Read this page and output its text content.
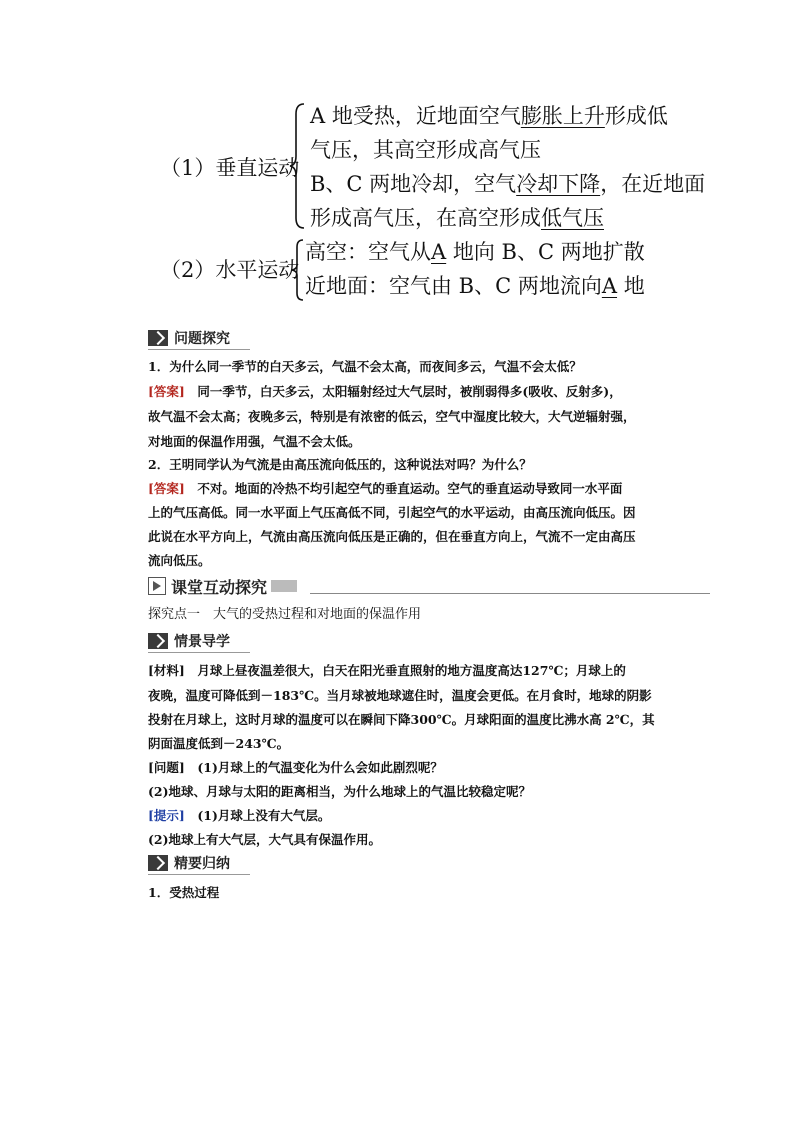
（1）垂直运动
A 地受热，近地面空气膨胀上升形成低
气压，其高空形成高气压
B、C 两地冷却，空气冷却下降，在近地面
形成高气压，在高空形成低气压
（2）水平运动
高空：空气从A 地向 B、C 两地扩散
近地面：空气由 B、C 两地流向A 地
问题探究
1．为什么同一季节的白天多云，气温不会太高，而夜间多云，气温不会太低？
[答案]　 同一季节，白天多云，太阳辐射经过大气层时，被削弱得多(吸收、反射多)，
故气温不会太高；夜晚多云，特别是有浓密的低云，空气中湿度比较大，大气逆辐射强，
对地面的保温作用强，气温不会太低。
2．王明同学认为气流是由高压流向低压的，这种说法对吗？为什么？
[答案]　 不对。地面的冷热不均引起空气的垂直运动。空气的垂直运动导致同一水平面
上的气压高低。同一水平面上气压高低不同，引起空气的水平运动，由高压流向低压。因
此说在水平方向上，气流由高压流向低压是正确的，但在垂直方向上，气流不一定由高压
流向低压。
课堂互动探究
探究点一　大气的受热过程和对地面的保温作用
情景导学
[材料]　 月球上昼夜温差很大，白天在阳光垂直照射的地方温度高达127℃；月球上的
夜晚，温度可降低到－183℃。当月球被地球遮住时，温度会更低。在月食时，地球的阴影
投射在月球上，这时月球的温度可以在瞬间下降300℃。月球阳面的温度比沸水高 2℃，其
阴面温度低到－243℃。
[问题]　 (1)月球上的气温变化为什么会如此剧烈呢？
(2)地球、月球与太阳的距离相当，为什么地球上的气温比较稳定呢？
[提示]　 (1)月球上没有大气层。
(2)地球上有大气层，大气具有保温作用。
精要归纳
1．受热过程
